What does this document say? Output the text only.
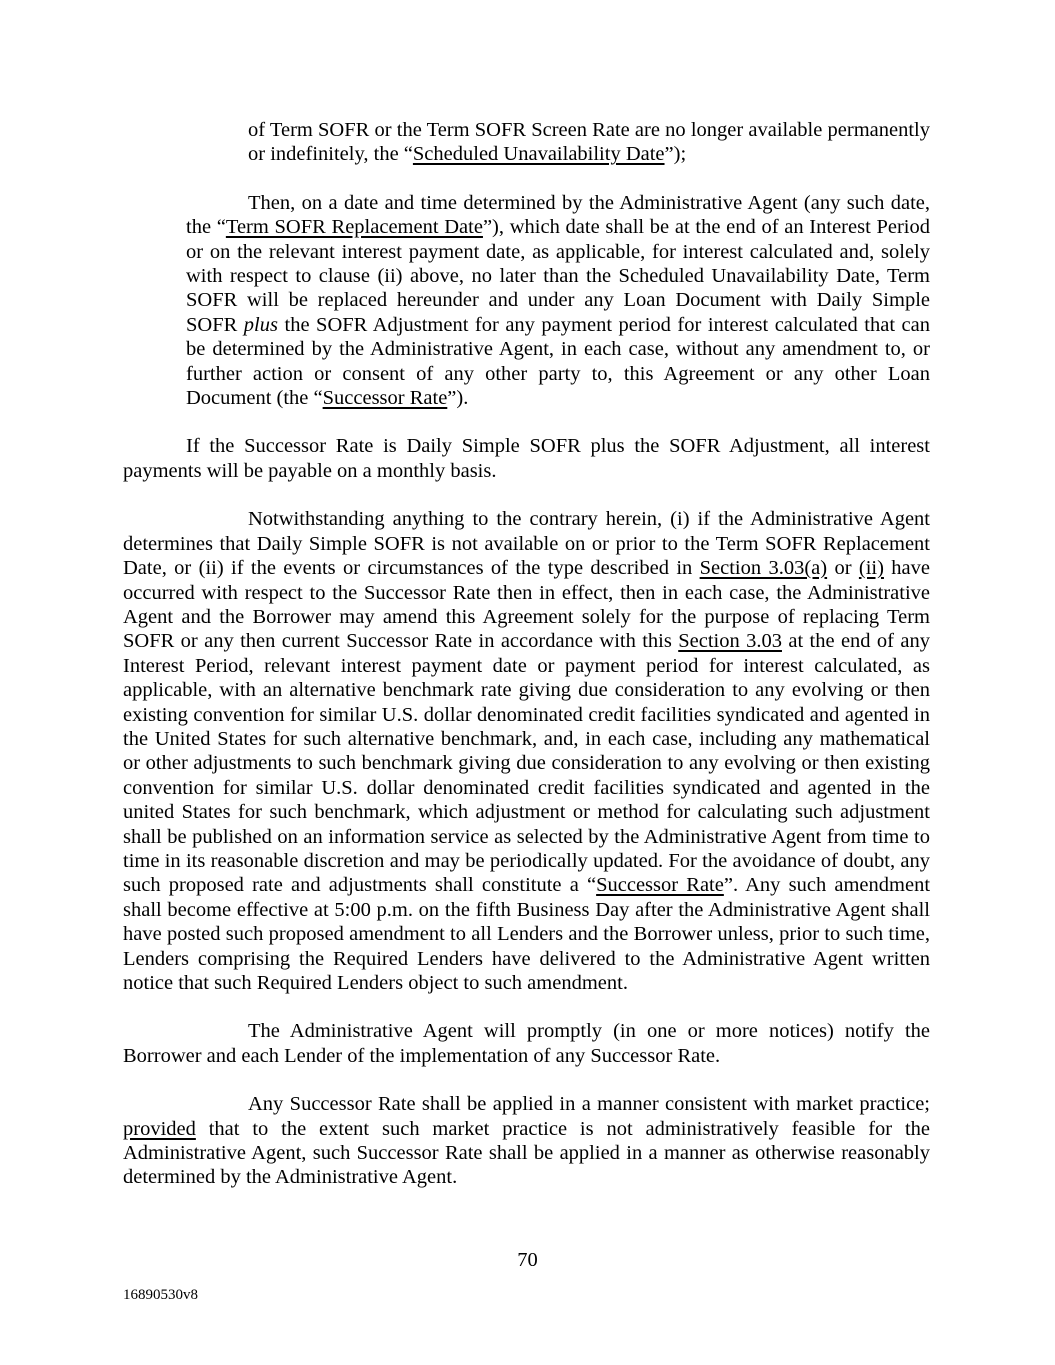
of Term SOFR or the Term SOFR Screen Rate are no longer available permanently or indefinitely, the “Scheduled Unavailability Date”);

Then, on a date and time determined by the Administrative Agent (any such date, the “Term SOFR Replacement Date”), which date shall be at the end of an Interest Period or on the relevant interest payment date, as applicable, for interest calculated and, solely with respect to clause (ii) above, no later than the Scheduled Unavailability Date, Term SOFR will be replaced hereunder and under any Loan Document with Daily Simple SOFR plus the SOFR Adjustment for any payment period for interest calculated that can be determined by the Administrative Agent, in each case, without any amendment to, or further action or consent of any other party to, this Agreement or any other Loan Document (the “Successor Rate”).

If the Successor Rate is Daily Simple SOFR plus the SOFR Adjustment, all interest payments will be payable on a monthly basis.

Notwithstanding anything to the contrary herein, (i) if the Administrative Agent determines that Daily Simple SOFR is not available on or prior to the Term SOFR Replacement Date, or (ii) if the events or circumstances of the type described in Section 3.03(a) or (ii) have occurred with respect to the Successor Rate then in effect, then in each case, the Administrative Agent and the Borrower may amend this Agreement solely for the purpose of replacing Term SOFR or any then current Successor Rate in accordance with this Section 3.03 at the end of any Interest Period, relevant interest payment date or payment period for interest calculated, as applicable, with an alternative benchmark rate giving due consideration to any evolving or then existing convention for similar U.S. dollar denominated credit facilities syndicated and agented in the United States for such alternative benchmark, and, in each case, including any mathematical or other adjustments to such benchmark giving due consideration to any evolving or then existing convention for similar U.S. dollar denominated credit facilities syndicated and agented in the united States for such benchmark, which adjustment or method for calculating such adjustment shall be published on an information service as selected by the Administrative Agent from time to time in its reasonable discretion and may be periodically updated. For the avoidance of doubt, any such proposed rate and adjustments shall constitute a “Successor Rate”. Any such amendment shall become effective at 5:00 p.m. on the fifth Business Day after the Administrative Agent shall have posted such proposed amendment to all Lenders and the Borrower unless, prior to such time, Lenders comprising the Required Lenders have delivered to the Administrative Agent written notice that such Required Lenders object to such amendment.

The Administrative Agent will promptly (in one or more notices) notify the Borrower and each Lender of the implementation of any Successor Rate.

Any Successor Rate shall be applied in a manner consistent with market practice; provided that to the extent such market practice is not administratively feasible for the Administrative Agent, such Successor Rate shall be applied in a manner as otherwise reasonably determined by the Administrative Agent.

70
16890530v8
